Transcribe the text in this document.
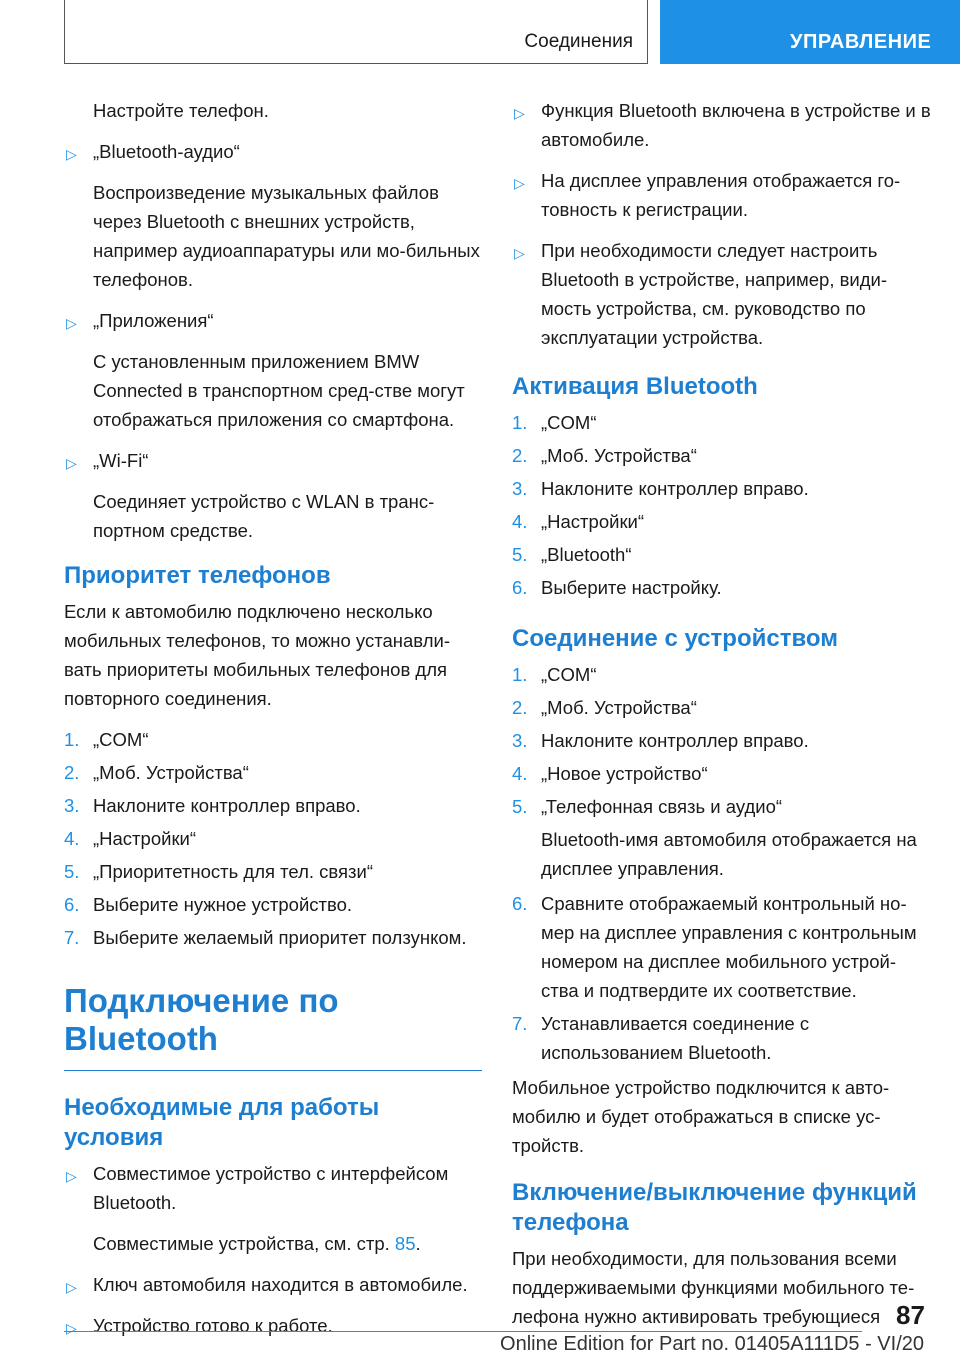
Соединения	УПРАВЛЕНИЕ

Настройте телефон.

▷ „Bluetooth-аудио“

Воспроизведение музыкальных файлов через Bluetooth с внешних устройств, например аудиоаппаратуры или мо-бильных телефонов.

▷ „Приложения“

С установленным приложением BMW Connected в транспортном сред-стве могут отображаться приложения со смартфона.

▷ „Wi-Fi“

Соединяет устройство с WLAN в транс-портном средстве.

Приоритет телефонов

Если к автомобилю подключено несколько мобильных телефонов, то можно устанавли-вать приоритеты мобильных телефонов для повторного соединения.

1. „COM“
2. „Моб. Устройства“
3. Наклоните контроллер вправо.
4. „Настройки“
5. „Приоритетность для тел. связи“
6. Выберите нужное устройство.
7. Выберите желаемый приоритет ползунком.
Подключение по
Bluetooth
Необходимые для работы
условия
▷ Совместимое устройство с интерфейсом Bluetooth.

Совместимые устройства, см. стр. 85.

▷ Ключ автомобиля находится в автомобиле.
▷ Устройство готово к работе.
▷ Функция Bluetooth включена в устройстве и в автомобиле.
▷ На дисплее управления отображается го-товность к регистрации.
▷ При необходимости следует настроить Bluetooth в устройстве, например, види-мость устройства, см. руководство по эксплуатации устройства.
Активация Bluetooth
1. „COM“
2. „Моб. Устройства“
3. Наклоните контроллер вправо.
4. „Настройки“
5. „Bluetooth“
6. Выберите настройку.
Соединение с устройством
1. „COM“
2. „Моб. Устройства“
3. Наклоните контроллер вправо.
4. „Новое устройство“
5. „Телефонная связь и аудио“

Bluetooth-имя автомобиля отображается на дисплее управления.

6. Сравните отображаемый контрольный но-мер на дисплее управления с контрольным номером на дисплее мобильного устрой-ства и подтвердите их соответствие.
7. Устанавливается соединение с использованием Bluetooth.

Мобильное устройство подключится к авто-мобилю и будет отображаться в списке ус-тройств.

Включение/выключение функций телефона

При необходимости, для пользования всеми поддерживаемыми функциями мобильного те-лефона нужно активировать требующиеся 87
Online Edition for Part no. 01405A111D5 - VI/20
